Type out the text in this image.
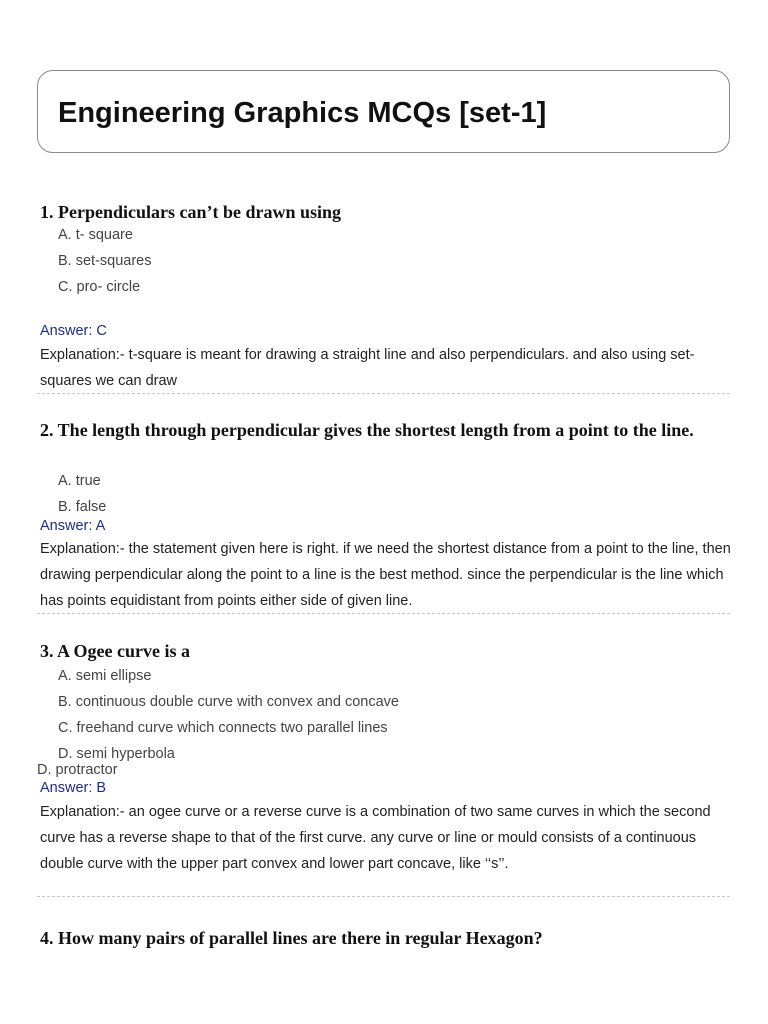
Engineering Graphics MCQs [set-1]
1. Perpendiculars can’t be drawn using
A. t- square
B. set-squares
C. pro- circle
Answer: C
Explanation:- t-square is meant for drawing a straight line and also perpendiculars. and also using set-squares we can draw
2. The length through perpendicular gives the shortest length from a point to the line.
A. true
B. false
Answer: A
Explanation:- the statement given here is right. if we need the shortest distance from a point to the line, then drawing perpendicular along the point to a line is the best method. since the perpendicular is the line which has points equidistant from points either side of given line.
3. A Ogee curve is a
A. semi ellipse
B. continuous double curve with convex and concave
C. freehand curve which connects two parallel lines
D. semi hyperbola
D. protractor
Answer: B
Explanation:- an ogee curve or a reverse curve is a combination of two same curves in which the second curve has a reverse shape to that of the first curve. any curve or line or mould consists of a continuous double curve with the upper part convex and lower part concave, like ‘‘s’’.
4. How many pairs of parallel lines are there in regular Hexagon?
